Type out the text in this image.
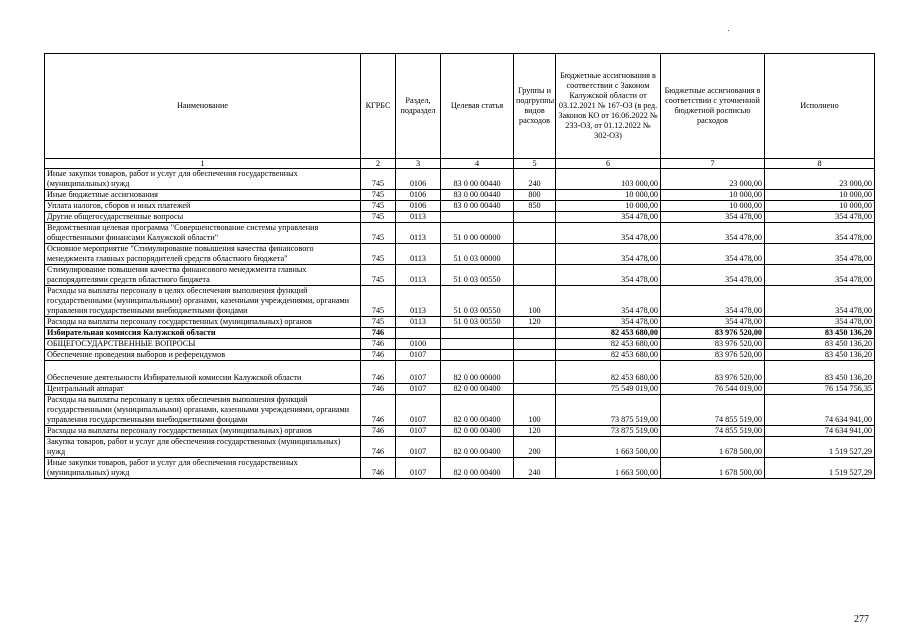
Наименование	КГРБС	Раздел, подраздел	Целевая статья	Группы и подгруппы видов расходов	Бюджетные ассигнования в соответствии с Законом Калужской области от 03.12.2021 № 167-ОЗ (в ред. Законов КО от 16.06.2022 № 233-ОЗ, от 01.12.2022 № 302-ОЗ)	Бюджетные ассигнования в соответствии с уточненной бюджетной росписью расходов	Исполнено
1	2	3	4	5	6	7	8
Иные закупки товаров, работ и услуг для обеспечения государственных (муниципальных) нужд	745	0106	83 0 00 00440	240	103 000,00	23 000,00	23 000,00
Иные бюджетные ассигнования	745	0106	83 0 00 00440	800	10 000,00	10 000,00	10 000,00
Уплата налогов, сборов и иных платежей	745	0106	83 0 00 00440	850	10 000,00	10 000,00	10 000,00
Другие общегосударственные вопросы	745	0113			354 478,00	354 478,00	354 478,00
Ведомственная целевая программа "Совершенствование системы управления общественными финансами Калужской области"	745	0113	51 0 00 00000		354 478,00	354 478,00	354 478,00
Основное мероприятие "Стимулирование повышения качества финансового менеджмента главных распорядителей средств областного бюджета"	745	0113	51 0 03 00000		354 478,00	354 478,00	354 478,00
Стимулирование повышения качества финансового менеджмента главных распорядителями средств областного бюджета	745	0113	51 0 03 00550		354 478,00	354 478,00	354 478,00
Расходы на выплаты персоналу в целях обеспечения выполнения функций государственными (муниципальными) органами, казенными учреждениями, органами управления государственными внебюджетными фондами	745	0113	51 0 03 00550	100	354 478,00	354 478,00	354 478,00
Расходы на выплаты персоналу государственных (муниципальных) органов	745	0113	51 0 03 00550	120	354 478,00	354 478,00	354 478,00
Избирательная комиссия Калужской области	746				82 453 680,00	83 976 520,00	83 450 136,20
ОБЩЕГОСУДАРСТВЕННЫЕ ВОПРОСЫ	746	0100			82 453 680,00	83 976 520,00	83 450 136,20
Обеспечение проведения выборов и референдумов	746	0107			82 453 680,00	83 976 520,00	83 450 136,20
Обеспечение деятельности Избирательной комиссии Калужской области	746	0107	82 0 00 00000		82 453 680,00	83 976 520,00	83 450 136,20
Центральный аппарат	746	0107	82 0 00 00400		75 549 019,00	76 544 019,00	76 154 756,35
Расходы на выплаты персоналу в целях обеспечения выполнения функций государственными (муниципальными) органами, казенными учреждениями, органами управления государственными внебюджетными фондами	746	0107	82 0 00 00400	100	73 875 519,00	74 855 519,00	74 634 941,00
Расходы на выплаты персоналу государственных (муниципальных) органов	746	0107	82 0 00 00400	120	73 875 519,00	74 855 519,00	74 634 941,00
Закупка товаров, работ и услуг для обеспечения государственных (муниципальных) нужд	746	0107	82 0 00 00400	200	1 663 500,00	1 678 500,00	1 519 527,29
Иные закупки товаров, работ и услуг для обеспечения государственных (муниципальных) нужд	746	0107	82 0 00 00400	240	1 663 500,00	1 678 500,00	1 519 527,29
277
